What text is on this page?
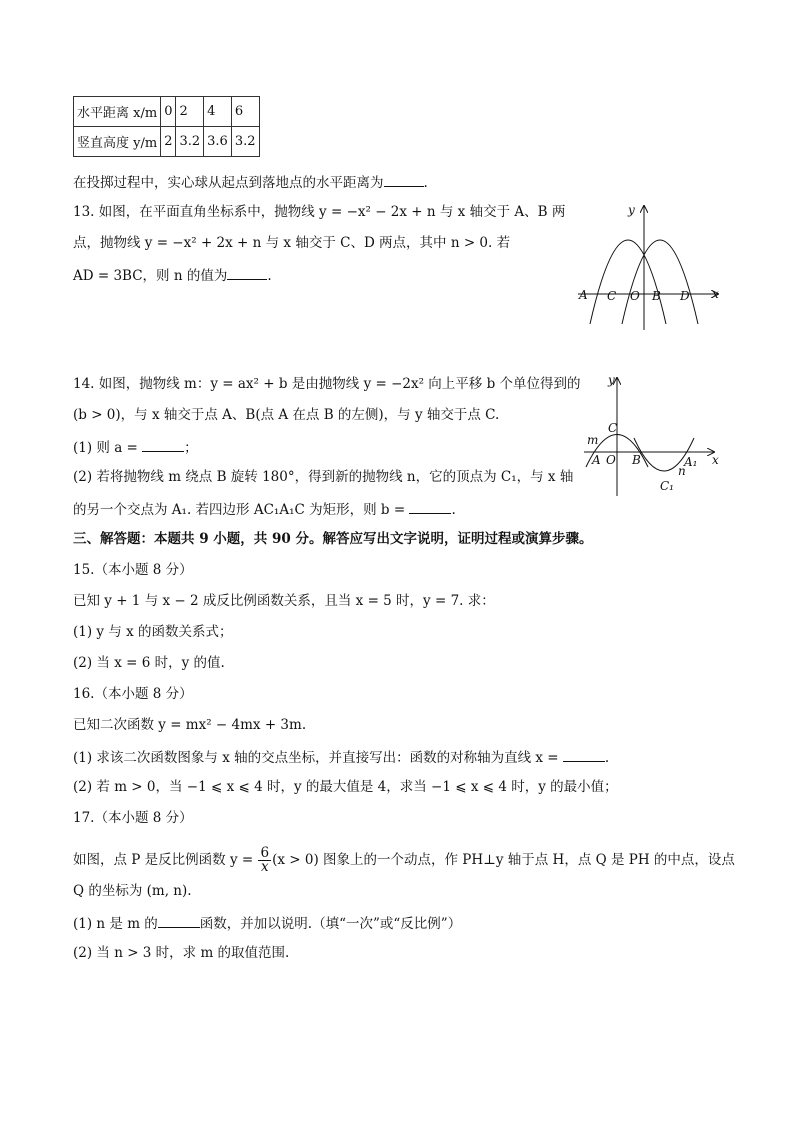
水平距离 x/m	0	2	4	6
竖直高度 y/m	2	3.2	3.6	3.2
在投掷过程中，实心球从起点到落地点的水平距离为	.
13. 如图，在平面直角坐标系中，抛物线 y = −x² − 2x + n 与 x 轴交于 A、B 两
点，抛物线 y = −x² + 2x + n 与 x 轴交于 C、D 两点，其中 n > 0. 若
AD = 3BC，则 n 的值为	.
y
x
A C O B D
14. 如图，抛物线 m：y = ax² + b 是由抛物线 y = −2x² 向上平移 b 个单位得到的
(b > 0)，与 x 轴交于点 A、B(点 A 在点 B 的左侧)，与 y 轴交于点 C.
(1) 则 a =	；
(2) 若将抛物线 m 绕点 B 旋转 180°，得到新的抛物线 n，它的顶点为 C₁，与 x 轴
的另一个交点为 A₁. 若四边形 AC₁A₁C 为矩形，则 b =	.
y
x
m
C
A O B
n
A₁
C₁
三、解答题：本题共 9 小题，共 90 分。解答应写出文字说明，证明过程或演算步骤。
15.（本小题 8 分）
已知 y + 1 与 x − 2 成反比例函数关系，且当 x = 5 时，y = 7. 求：
(1) y 与 x 的函数关系式；
(2) 当 x = 6 时，y 的值.
16.（本小题 8 分）
已知二次函数 y = mx² − 4mx + 3m.
(1) 求该二次函数图象与 x 轴的交点坐标，并直接写出：函数的对称轴为直线 x =	.
(2) 若 m > 0，当 −1 ⩽ x ⩽ 4 时，y 的最大值是 4，求当 −1 ⩽ x ⩽ 4 时，y 的最小值；
17.（本小题 8 分）
如图，点 P 是反比例函数 $y = \frac{6}{x} (x > 0)$ 图象上的一个动点，作 PH⊥y 轴于点 H，点 Q 是 PH 的中点，设点
Q 的坐标为 (m, n).
(1) n 是 m 的	函数，并加以说明.（填“一次”或“反比例”）
(2) 当 n > 3 时，求 m 的取值范围.
